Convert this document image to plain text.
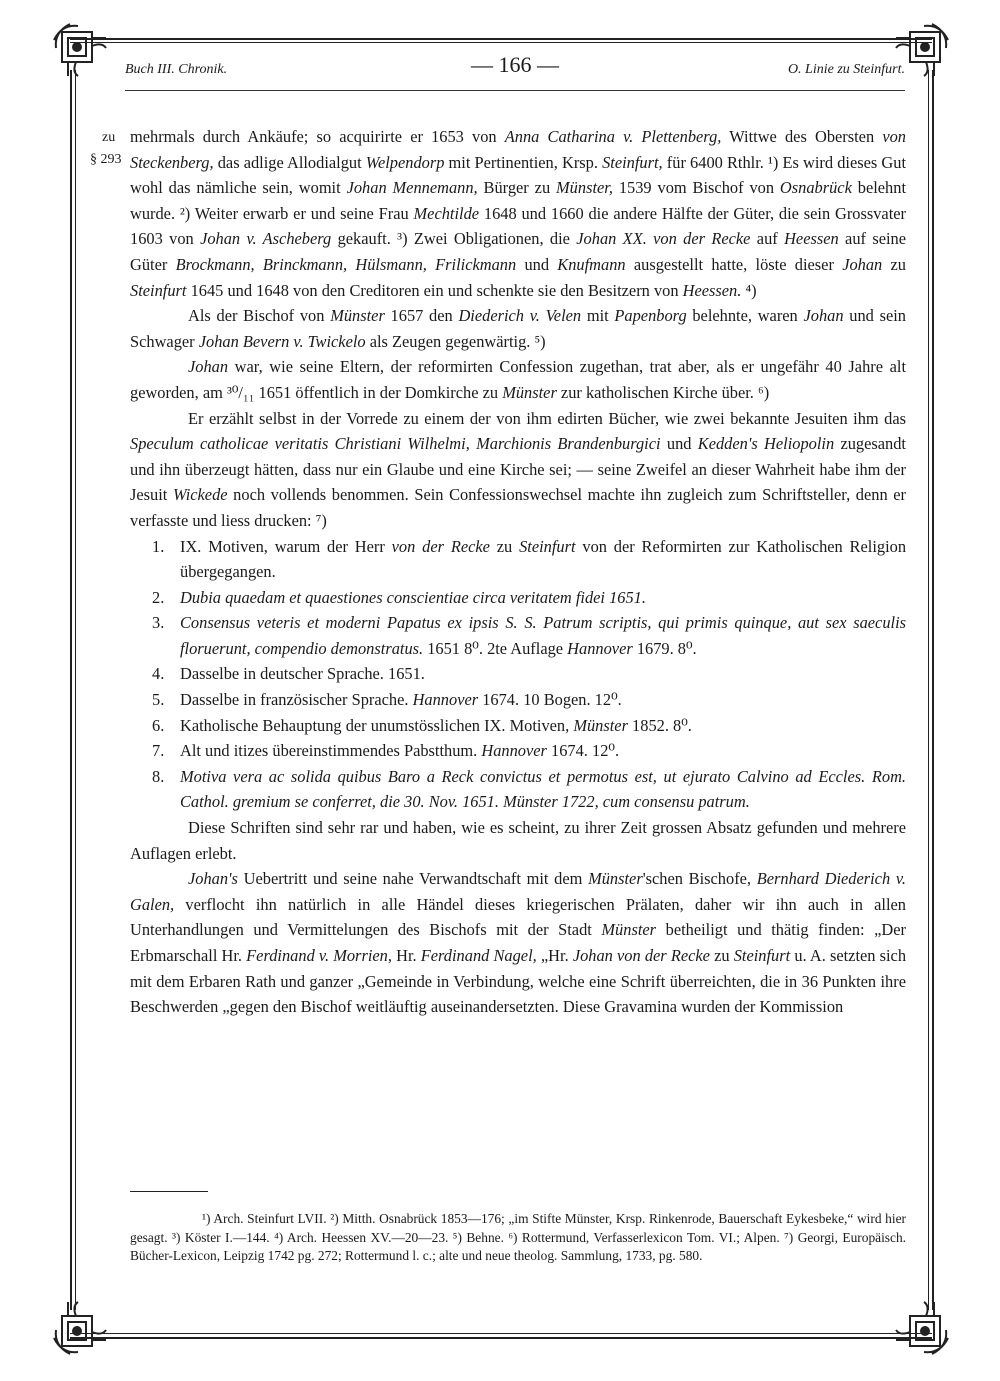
Buch III. Chronik.	— 166 —	O. Linie zu Steinfurt.
zu
§ 293

mehrmals durch Ankäufe; so acquirirte er 1653 von Anna Catharina v. Plettenberg, Wittwe des Obersten von Steckenberg, das adlige Allodialgut Welpendorp mit Pertinentien, Krsp. Steinfurt, für 6400 Rthlr. ¹) Es wird dieses Gut wohl das nämliche sein, womit Johan Mennemann, Bürger zu Münster, 1539 vom Bischof von Osnabrück belehnt wurde. ²) Weiter erwarb er und seine Frau Mechtilde 1648 und 1660 die andere Hälfte der Güter, die sein Grossvater 1603 von Johan v. Ascheberg gekauft. ³) Zwei Obligationen, die Johan XX. von der Recke auf Heessen auf seine Güter Brockmann, Brinckmann, Hülsmann, Frilickmann und Knufmann ausgestellt hatte, löste dieser Johan zu Steinfurt 1645 und 1648 von den Creditoren ein und schenkte sie den Besitzern von Heessen. ⁴)

Als der Bischof von Münster 1657 den Diederich v. Velen mit Papenborg belehnte, waren Johan und sein Schwager Johan Bevern v. Twickelo als Zeugen gegenwärtig. ⁵)

Johan war, wie seine Eltern, der reformirten Confession zugethan, trat aber, als er ungefähr 40 Jahre alt geworden, am ³⁰/₁₁ 1651 öffentlich in der Domkirche zu Münster zur katholischen Kirche über. ⁶)

Er erzählt selbst in der Vorrede zu einem der von ihm edirten Bücher, wie zwei bekannte Jesuiten ihm das Speculum catholicae veritatis Christiani Wilhelmi, Marchionis Brandenburgici und Kedden's Heliopolin zugesandt und ihn überzeugt hätten, dass nur ein Glaube und eine Kirche sei; — seine Zweifel an dieser Wahrheit habe ihm der Jesuit Wickede noch vollends benommen. Sein Confessionswechsel machte ihn zugleich zum Schriftsteller, denn er verfasste und liess drucken: ⁷)

1. IX. Motiven, warum der Herr von der Recke zu Steinfurt von der Reformirten zur Katholischen Religion übergegangen.
2. Dubia quaedam et quaestiones conscientiae circa veritatem fidei 1651.
3. Consensus veteris et moderni Papatus ex ipsis S. S. Patrum scriptis, qui primis quinque, aut sex saeculis floruerunt, compendio demonstratus. 1651 8⁰. 2te Auflage Hannover 1679. 8⁰.
4. Dasselbe in deutscher Sprache. 1651.
5. Dasselbe in französischer Sprache. Hannover 1674. 10 Bogen. 12⁰.
6. Katholische Behauptung der unumstösslichen IX. Motiven, Münster 1852. 8⁰.
7. Alt und itizes übereinstimmendes Pabstthum. Hannover 1674. 12⁰.
8. Motiva vera ac solida quibus Baro a Reck convictus et permotus est, ut ejurato Calvino ad Eccles. Rom. Cathol. gremium se conferret, die 30. Nov. 1651. Münster 1722, cum consensu patrum.

Diese Schriften sind sehr rar und haben, wie es scheint, zu ihrer Zeit grossen Absatz gefunden und mehrere Auflagen erlebt.

Johan's Uebertritt und seine nahe Verwandtschaft mit dem Münster'schen Bischofe, Bernhard Diederich v. Galen, verflocht ihn natürlich in alle Händel dieses kriegerischen Prälaten, daher wir ihn auch in allen Unterhandlungen und Vermittelungen des Bischofs mit der Stadt Münster betheiligt und thätig finden: „Der Erbmarschall Hr. Ferdinand v. Morrien, Hr. Ferdinand Nagel, „Hr. Johan von der Recke zu Steinfurt u. A. setzten sich mit dem Erbaren Rath und ganzer „Gemeinde in Verbindung, welche eine Schrift überreichten, die in 36 Punkten ihre Beschwerden „gegen den Bischof weitläuftig auseinandersetzten. Diese Gravamina wurden der Kommission

¹) Arch. Steinfurt LVII. ²) Mitth. Osnabrück 1853—176; „im Stifte Münster, Krsp. Rinkenrode, Bauerschaft Eykesbeke,“ wird hier gesagt. ³) Köster I.—144. ⁴) Arch. Heessen XV.—20—23. ⁵) Behne. ⁶) Rottermund, Verfasserlexicon Tom. VI.; Alpen. ⁷) Georgi, Europäisch. Bücher-Lexicon, Leipzig 1742 pg. 272; Rottermund l. c.; alte und neue theolog. Sammlung, 1733, pg. 580.
